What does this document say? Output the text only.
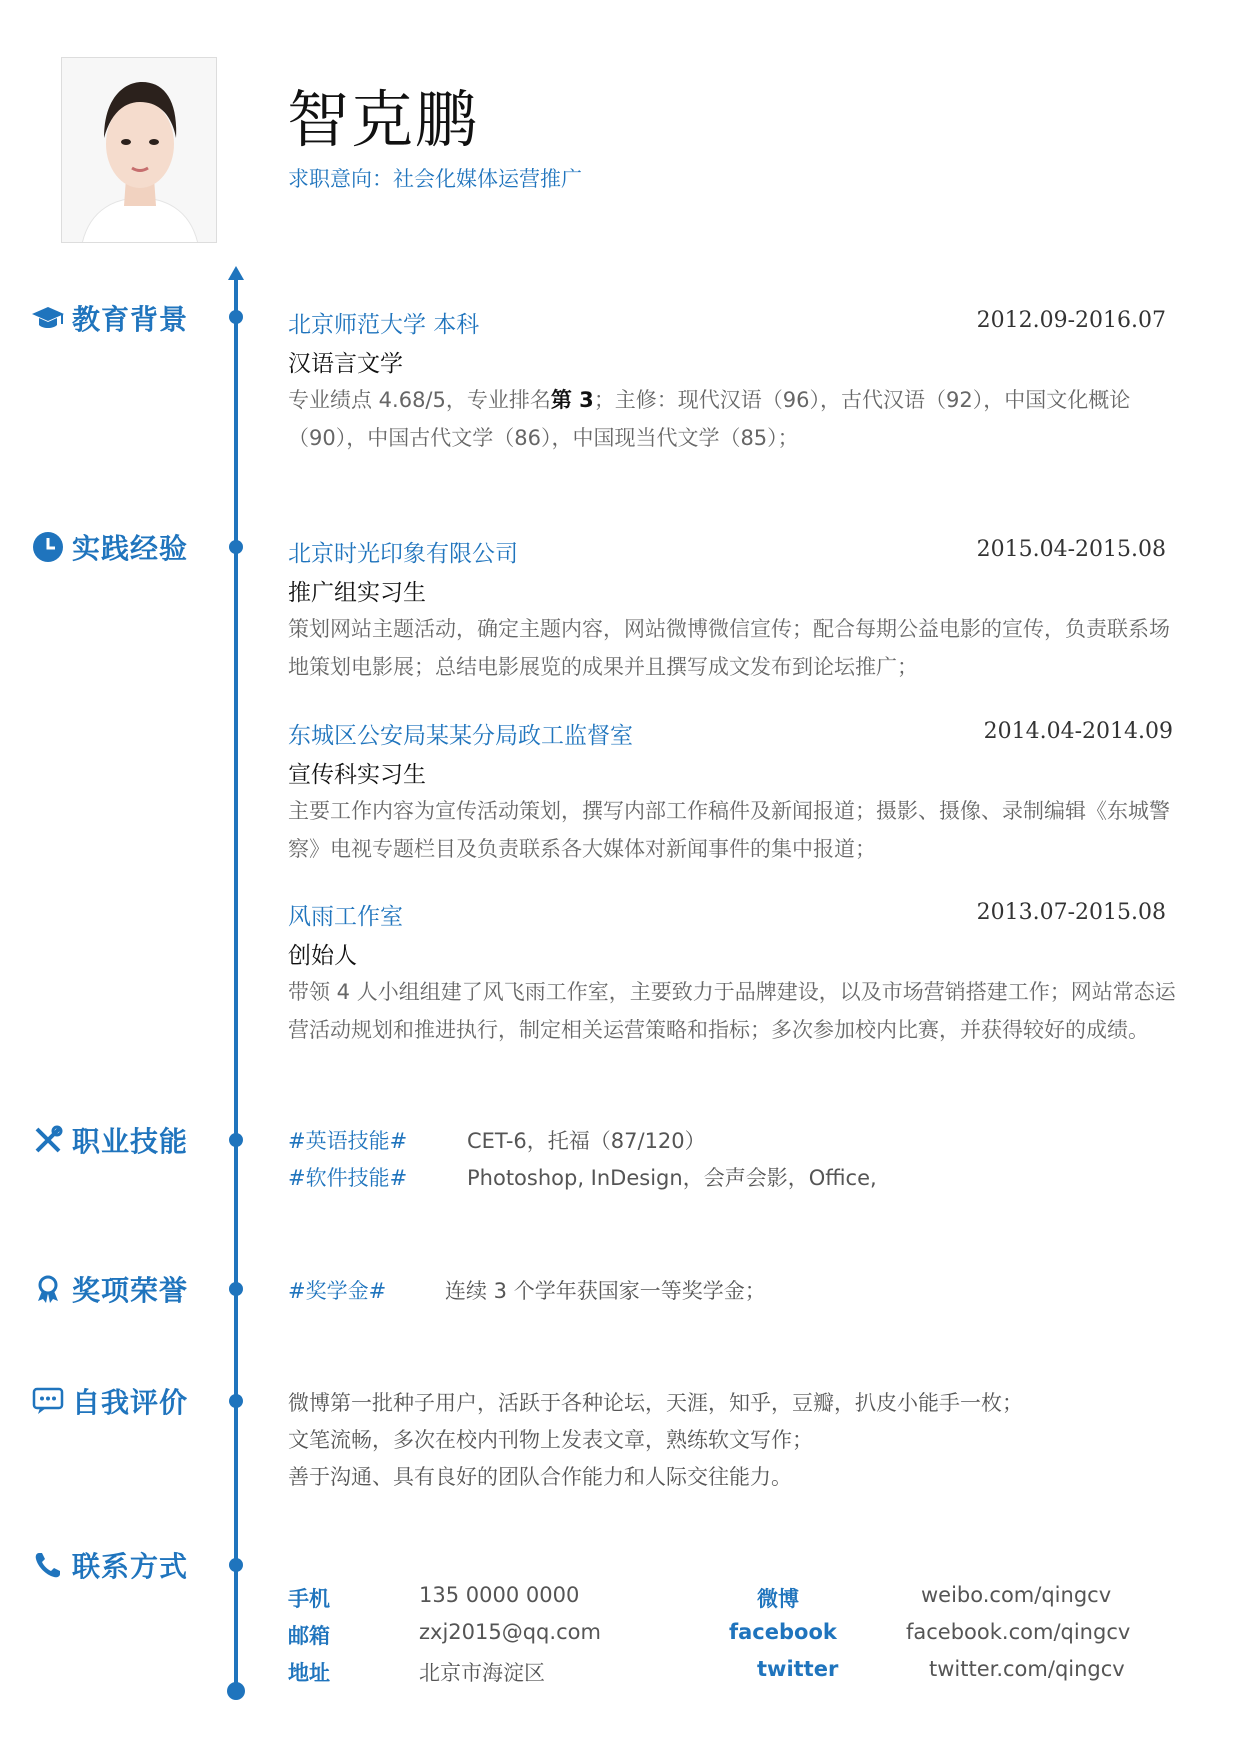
智克鹏
求职意向：社会化媒体运营推广
教育背景	北京师范大学 本科	2012.09-2016.07
汉语言文学
专业绩点 4.68/5，专业排名第 3；主修：现代汉语（96），古代汉语（92），中国文化概论（90），中国古代文学（86），中国现当代文学（85）；
实践经验	北京时光印象有限公司	2015.04-2015.08
推广组实习生
策划网站主题活动，确定主题内容，网站微博微信宣传；配合每期公益电影的宣传，负责联系场地策划电影展；总结电影展览的成果并且撰写成文发布到论坛推广；
东城区公安局某某分局政工监督室	2014.04-2014.09
宣传科实习生
主要工作内容为宣传活动策划，撰写内部工作稿件及新闻报道；摄影、摄像、录制编辑《东城警察》电视专题栏目及负责联系各大媒体对新闻事件的集中报道；
风雨工作室	2013.07-2015.08
创始人
带领 4 人小组组建了风飞雨工作室，主要致力于品牌建设，以及市场营销搭建工作；网站常态运营活动规划和推进执行，制定相关运营策略和指标；多次参加校内比赛，并获得较好的成绩。
职业技能	#英语技能#	CET-6，托福（87/120）
#软件技能#	Photoshop, InDesign，会声会影，Office,
奖项荣誉	#奖学金#	连续 3 个学年获国家一等奖学金；
自我评价	微博第一批种子用户，活跃于各种论坛，天涯，知乎，豆瓣，扒皮小能手一枚；
文笔流畅，多次在校内刊物上发表文章，熟练软文写作；
善于沟通、具有良好的团队合作能力和人际交往能力。
联系方式
手机	135 0000 0000
邮箱	zxj2015@qq.com
地址	北京市海淀区
微博	weibo.com/qingcv
facebook	facebook.com/qingcv
twitter	twitter.com/qingcv
